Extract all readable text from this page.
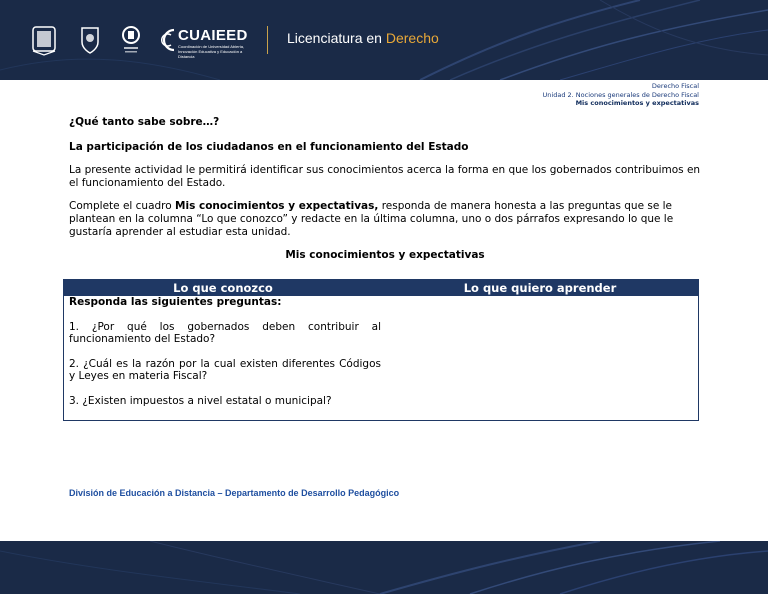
CUAIEED
Coordinación de Universidad Abierta, Innovación Educativa y Educación a Distancia
Licenciatura en Derecho
Derecho Fiscal
Unidad 2. Nociones generales de Derecho Fiscal
Mis conocimientos y expectativas

¿Qué tanto sabe sobre…?

La participación de los ciudadanos en el funcionamiento del Estado

La presente actividad le permitirá identificar sus conocimientos acerca la forma en que los gobernados contribuimos en el funcionamiento del Estado.

Complete el cuadro Mis conocimientos y expectativas, responda de manera honesta a las preguntas que se le plantean en la columna “Lo que conozco” y redacte en la última columna, uno o dos párrafos expresando lo que le gustaría aprender al estudiar esta unidad.

Mis conocimientos y expectativas

Lo que conozco	Lo que quiero aprender

Responda las siguientes preguntas:

1. ¿Por qué los gobernados deben contribuir al funcionamiento del Estado?

2. ¿Cuál es la razón por la cual existen diferentes Códigos y Leyes en materia Fiscal?

3. ¿Existen impuestos a nivel estatal o municipal?

División de Educación a Distancia – Departamento de Desarrollo Pedagógico
